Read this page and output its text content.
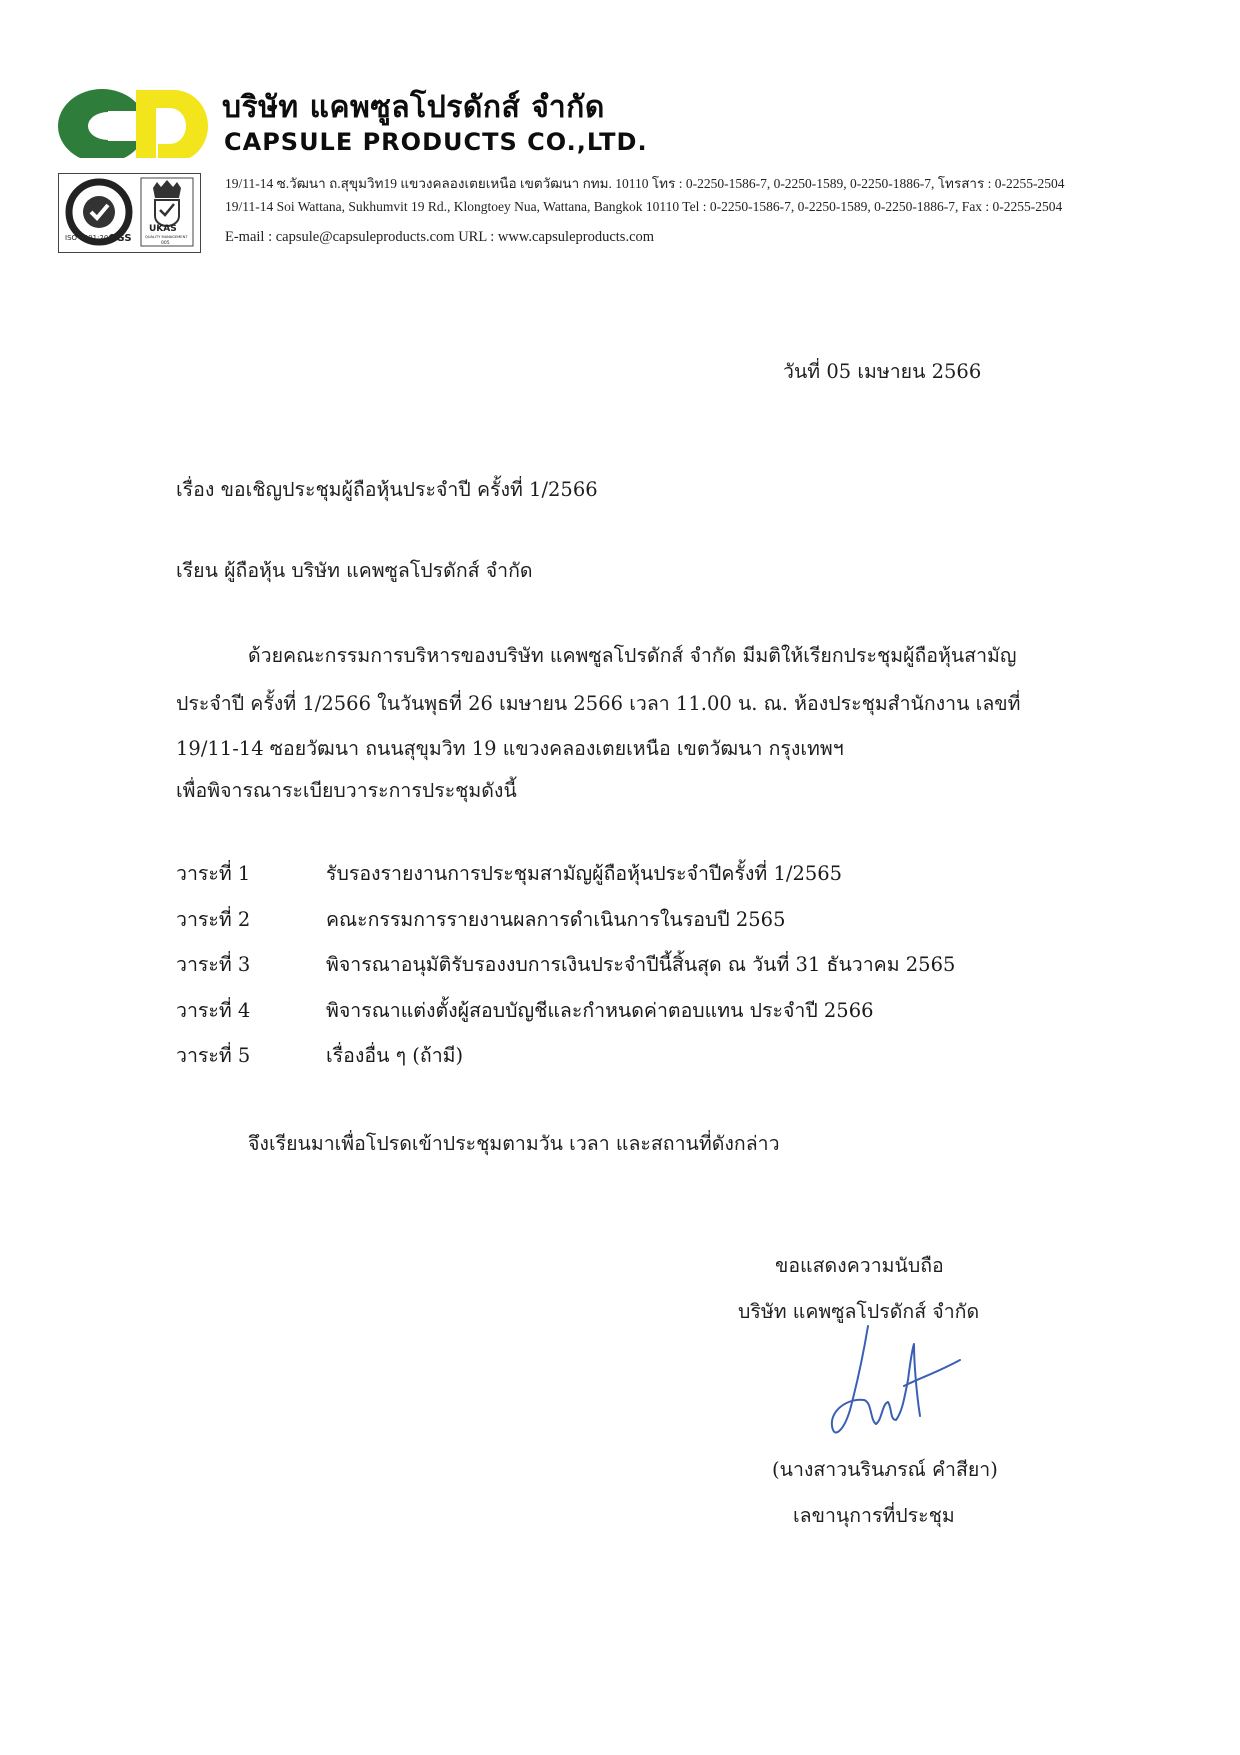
บริษัท แคพซูลโปรดักส์ จำกัด
CAPSULE PRODUCTS CO.,LTD.
ISO 9001:2000
SGS
UKAS
QUALITY MANAGEMENT
005
19/11-14 ซ.วัฒนา ถ.สุขุมวิท19 แขวงคลองเตยเหนือ เขตวัฒนา กทม. 10110 โทร : 0-2250-1586-7, 0-2250-1589, 0-2250-1886-7, โทรสาร : 0-2255-2504
19/11-14 Soi Wattana, Sukhumvit 19 Rd., Klongtoey Nua, Wattana, Bangkok 10110 Tel : 0-2250-1586-7, 0-2250-1589, 0-2250-1886-7, Fax : 0-2255-2504
E-mail : capsule@capsuleproducts.com URL : www.capsuleproducts.com
วันที่ 05 เมษายน 2566
เรื่อง ขอเชิญประชุมผู้ถือหุ้นประจำปี ครั้งที่ 1/2566
เรียน ผู้ถือหุ้น บริษัท แคพซูลโปรดักส์ จำกัด
ด้วยคณะกรรมการบริหารของบริษัท แคพซูลโปรดักส์ จำกัด มีมติให้เรียกประชุมผู้ถือหุ้นสามัญ
ประจำปี ครั้งที่ 1/2566 ในวันพุธที่ 26 เมษายน 2566 เวลา 11.00 น. ณ. ห้องประชุมสำนักงาน เลขที่
19/11-14 ซอยวัฒนา ถนนสุขุมวิท 19 แขวงคลองเตยเหนือ เขตวัฒนา กรุงเทพฯ
เพื่อพิจารณาระเบียบวาระการประชุมดังนี้
วาระที่ 1	รับรองรายงานการประชุมสามัญผู้ถือหุ้นประจำปีครั้งที่ 1/2565
วาระที่ 2	คณะกรรมการรายงานผลการดำเนินการในรอบปี 2565
วาระที่ 3	พิจารณาอนุมัติรับรองงบการเงินประจำปีนี้สิ้นสุด ณ วันที่ 31 ธันวาคม 2565
วาระที่ 4	พิจารณาแต่งตั้งผู้สอบบัญชีและกำหนดค่าตอบแทน ประจำปี 2566
วาระที่ 5	เรื่องอื่น ๆ (ถ้ามี)
จึงเรียนมาเพื่อโปรดเข้าประชุมตามวัน เวลา และสถานที่ดังกล่าว
ขอแสดงความนับถือ
บริษัท แคพซูลโปรดักส์ จำกัด
(นางสาวนรินภรณ์ คำสียา)
เลขานุการที่ประชุม
